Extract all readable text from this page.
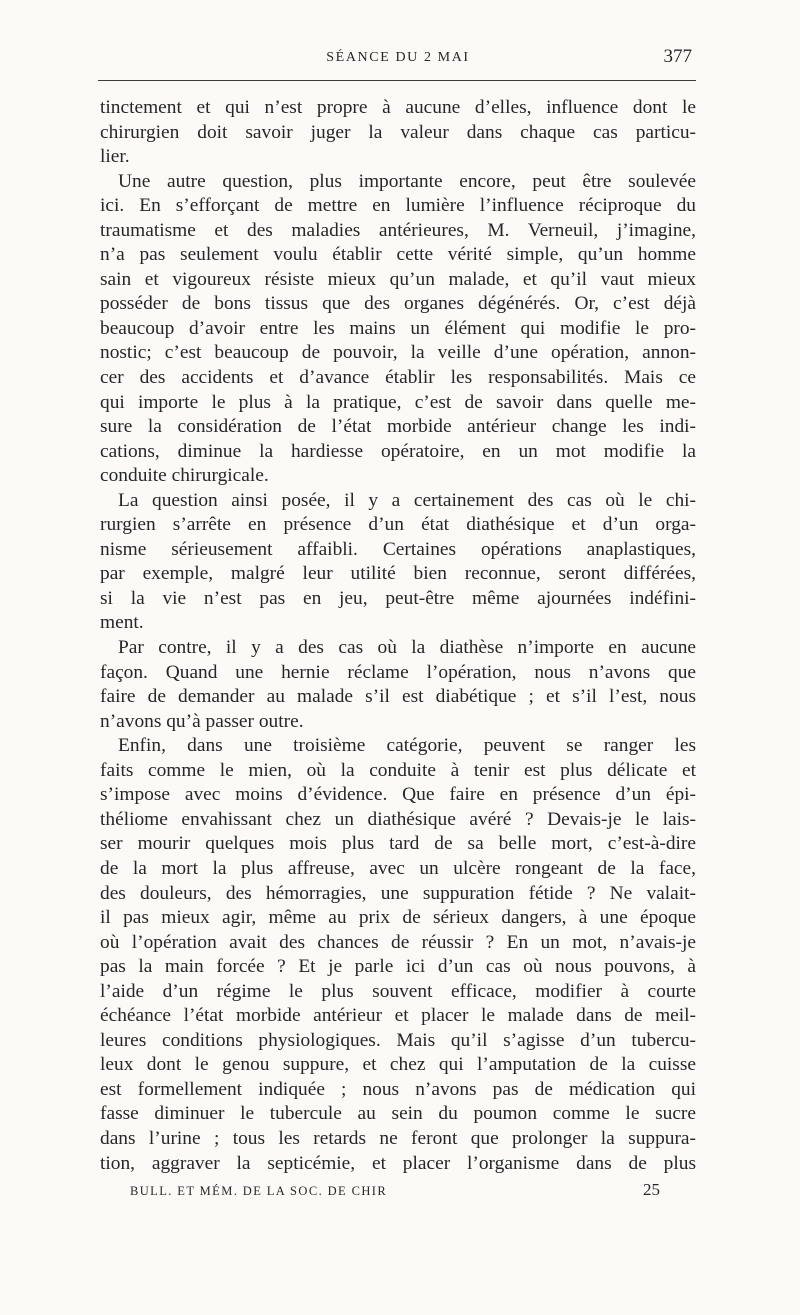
SÉANCE DU 2 MAI	377
tinctement et qui n’est propre à aucune d’elles, influence dont le
chirurgien doit savoir juger la valeur dans chaque cas particu-
lier.
Une autre question, plus importante encore, peut être soulevée
ici. En s’efforçant de mettre en lumière l’influence réciproque du
traumatisme et des maladies antérieures, M. Verneuil, j’imagine,
n’a pas seulement voulu établir cette vérité simple, qu’un homme
sain et vigoureux résiste mieux qu’un malade, et qu’il vaut mieux
posséder de bons tissus que des organes dégénérés. Or, c’est déjà
beaucoup d’avoir entre les mains un élément qui modifie le pro-
nostic; c’est beaucoup de pouvoir, la veille d’une opération, annon-
cer des accidents et d’avance établir les responsabilités. Mais ce
qui importe le plus à la pratique, c’est de savoir dans quelle me-
sure la considération de l’état morbide antérieur change les indi-
cations, diminue la hardiesse opératoire, en un mot modifie la
conduite chirurgicale.
La question ainsi posée, il y a certainement des cas où le chi-
rurgien s’arrête en présence d’un état diathésique et d’un orga-
nisme sérieusement affaibli. Certaines opérations anaplastiques,
par exemple, malgré leur utilité bien reconnue, seront différées,
si la vie n’est pas en jeu, peut-être même ajournées indéfini-
ment.
Par contre, il y a des cas où la diathèse n’importe en aucune
façon. Quand une hernie réclame l’opération, nous n’avons que
faire de demander au malade s’il est diabétique ; et s’il l’est, nous
n’avons qu’à passer outre.
Enfin, dans une troisième catégorie, peuvent se ranger les
faits comme le mien, où la conduite à tenir est plus délicate et
s’impose avec moins d’évidence. Que faire en présence d’un épi-
théliome envahissant chez un diathésique avéré ? Devais-je le lais-
ser mourir quelques mois plus tard de sa belle mort, c’est-à-dire
de la mort la plus affreuse, avec un ulcère rongeant de la face,
des douleurs, des hémorragies, une suppuration fétide ? Ne valait-
il pas mieux agir, même au prix de sérieux dangers, à une époque
où l’opération avait des chances de réussir ? En un mot, n’avais-je
pas la main forcée ? Et je parle ici d’un cas où nous pouvons, à
l’aide d’un régime le plus souvent efficace, modifier à courte
échéance l’état morbide antérieur et placer le malade dans de meil-
leures conditions physiologiques. Mais qu’il s’agisse d’un tubercu-
leux dont le genou suppure, et chez qui l’amputation de la cuisse
est formellement indiquée ; nous n’avons pas de médication qui
fasse diminuer le tubercule au sein du poumon comme le sucre
dans l’urine ; tous les retards ne feront que prolonger la suppura-
tion, aggraver la septicémie, et placer l’organisme dans de plus
BULL. ET MÉM. DE LA SOC. DE CHIR	25
